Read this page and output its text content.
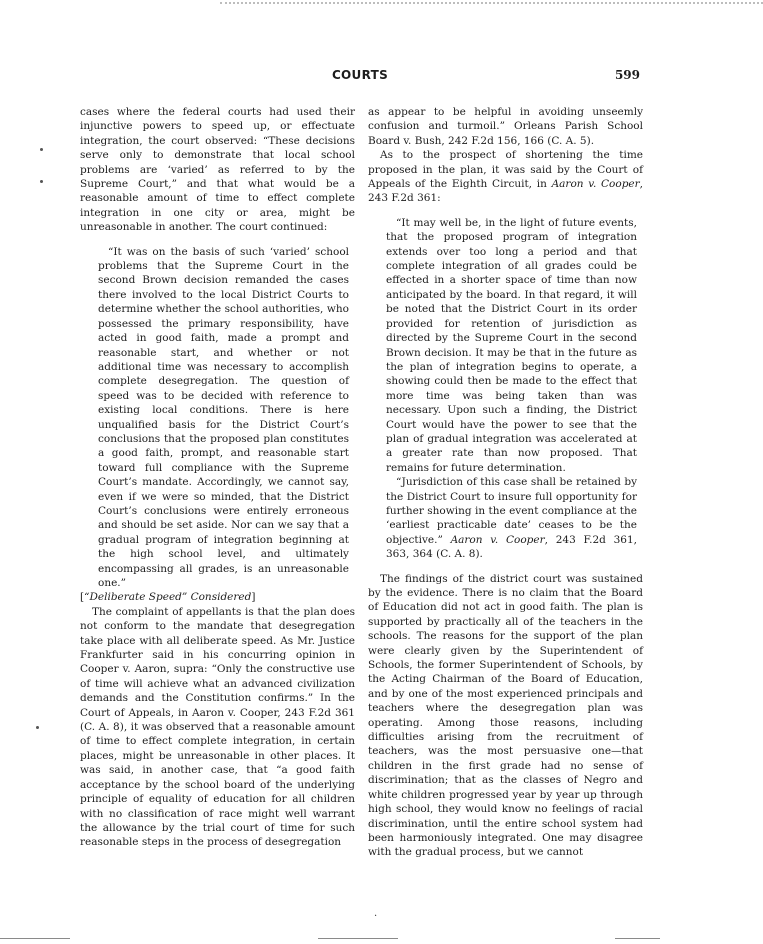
COURTS	599

cases where the federal courts had used their injunctive powers to speed up, or effectuate integration, the court observed: “These decisions serve only to demonstrate that local school problems are ‘varied’ as referred to by the Supreme Court,” and that what would be a reasonable amount of time to effect complete integration in one city or area, might be unreasonable in another. The court continued:

“It was on the basis of such ‘varied’ school problems that the Supreme Court in the second Brown decision remanded the cases there involved to the local District Courts to determine whether the school authorities, who possessed the primary responsibility, have acted in good faith, made a prompt and reasonable start, and whether or not additional time was necessary to accomplish complete desegregation. The question of speed was to be decided with reference to existing local conditions. There is here unqualified basis for the District Court’s conclusions that the proposed plan constitutes a good faith, prompt, and reasonable start toward full compliance with the Supreme Court’s mandate. Accordingly, we cannot say, even if we were so minded, that the District Court’s conclusions were entirely erroneous and should be set aside. Nor can we say that a gradual program of integration beginning at the high school level, and ultimately encompassing all grades, is an unreasonable one.”

[“Deliberate Speed” Considered]

The complaint of appellants is that the plan does not conform to the mandate that desegregation take place with all deliberate speed. As Mr. Justice Frankfurter said in his concurring opinion in Cooper v. Aaron, supra: “Only the constructive use of time will achieve what an advanced civilization demands and the Constitution confirms.” In the Court of Appeals, in Aaron v. Cooper, 243 F.2d 361 (C. A. 8), it was observed that a reasonable amount of time to effect complete integration, in certain places, might be unreasonable in other places. It was said, in another case, that “a good faith acceptance by the school board of the underlying principle of equality of education for all children with no classification of race might well warrant the allowance by the trial court of time for such reasonable steps in the process of desegregation

as appear to be helpful in avoiding unseemly confusion and turmoil.” Orleans Parish School Board v. Bush, 242 F.2d 156, 166 (C. A. 5).

As to the prospect of shortening the time proposed in the plan, it was said by the Court of Appeals of the Eighth Circuit, in Aaron v. Cooper, 243 F.2d 361:

“It may well be, in the light of future events, that the proposed program of integration extends over too long a period and that complete integration of all grades could be effected in a shorter space of time than now anticipated by the board. In that regard, it will be noted that the District Court in its order provided for retention of jurisdiction as directed by the Supreme Court in the second Brown decision. It may be that in the future as the plan of integration begins to operate, a showing could then be made to the effect that more time was being taken than was necessary. Upon such a finding, the District Court would have the power to see that the plan of gradual integration was accelerated at a greater rate than now proposed. That remains for future determination.

“Jurisdiction of this case shall be retained by the District Court to insure full opportunity for further showing in the event compliance at the ‘earliest practicable date’ ceases to be the objective.” Aaron v. Cooper, 243 F.2d 361, 363, 364 (C. A. 8).

The findings of the district court was sustained by the evidence. There is no claim that the Board of Education did not act in good faith. The plan is supported by practically all of the teachers in the schools. The reasons for the support of the plan were clearly given by the Superintendent of Schools, the former Superintendent of Schools, by the Acting Chairman of the Board of Education, and by one of the most experienced principals and teachers where the desegregation plan was operating. Among those reasons, including difficulties arising from the recruitment of teachers, was the most persuasive one—that children in the first grade had no sense of discrimination; that as the classes of Negro and white children progressed year by year up through high school, they would know no feelings of racial discrimination, until the entire school system had been harmoniously integrated. One may disagree with the gradual process, but we cannot

.
